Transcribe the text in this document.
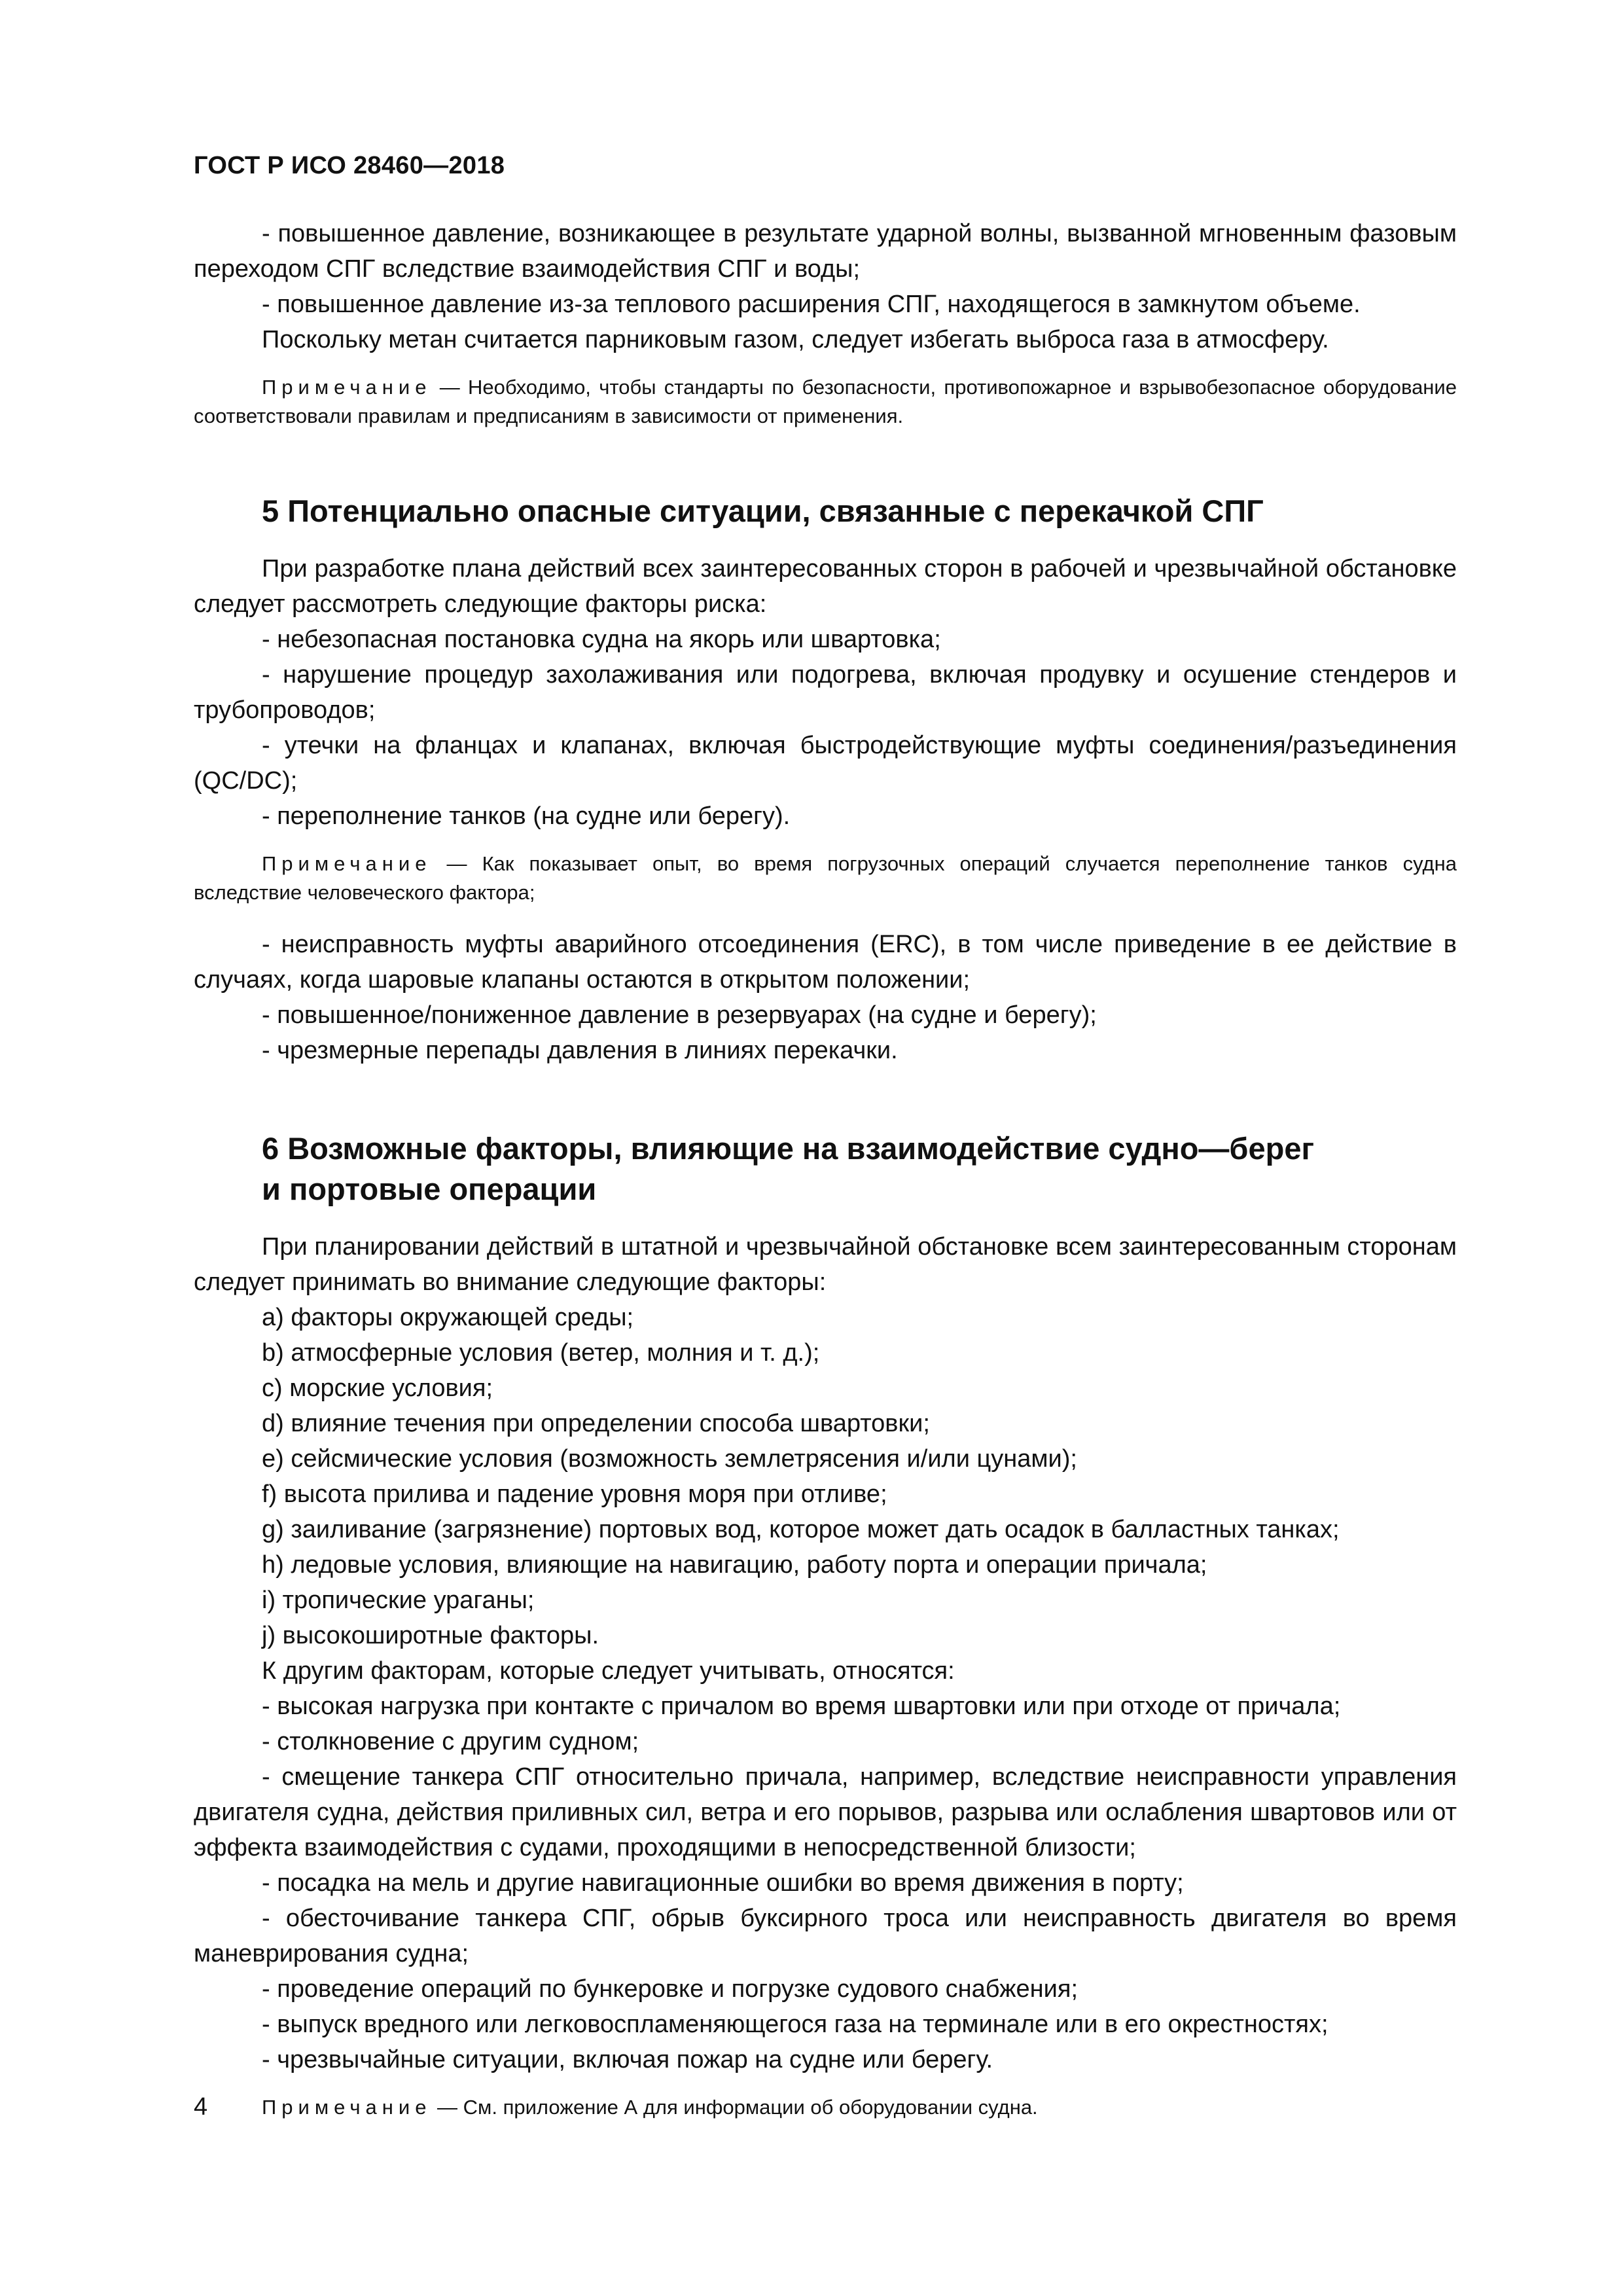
ГОСТ Р ИСО 28460—2018

- повышенное давление, возникающее в результате ударной волны, вызванной мгновенным фазовым переходом СПГ вследствие взаимодействия СПГ и воды;

- повышенное давление из-за теплового расширения СПГ, находящегося в замкнутом объеме.

Поскольку метан считается парниковым газом, следует избегать выброса газа в атмосферу.

Примечание — Необходимо, чтобы стандарты по безопасности, противопожарное и взрывобезопасное оборудование соответствовали правилам и предписаниям в зависимости от применения.

5 Потенциально опасные ситуации, связанные с перекачкой СПГ

При разработке плана действий всех заинтересованных сторон в рабочей и чрезвычайной обстановке следует рассмотреть следующие факторы риска:

- небезопасная постановка судна на якорь или швартовка;

- нарушение процедур захолаживания или подогрева, включая продувку и осушение стендеров и трубопроводов;

- утечки на фланцах и клапанах, включая быстродействующие муфты соединения/разъединения (QC/DC);

- переполнение танков (на судне или берегу).

Примечание — Как показывает опыт, во время погрузочных операций случается переполнение танков судна вследствие человеческого фактора;

- неисправность муфты аварийного отсоединения (ERC), в том числе приведение в ее действие в случаях, когда шаровые клапаны остаются в открытом положении;

- повышенное/пониженное давление в резервуарах (на судне и берегу);

- чрезмерные перепады давления в линиях перекачки.

6 Возможные факторы, влияющие на взаимодействие судно—берег
и портовые операции

При планировании действий в штатной и чрезвычайной обстановке всем заинтересованным сторонам следует принимать во внимание следующие факторы:

a) факторы окружающей среды;

b) атмосферные условия (ветер, молния и т. д.);

c) морские условия;

d) влияние течения при определении способа швартовки;

e) сейсмические условия (возможность землетрясения и/или цунами);

f) высота прилива и падение уровня моря при отливе;

g) заиливание (загрязнение) портовых вод, которое может дать осадок в балластных танках;

h) ледовые условия, влияющие на навигацию, работу порта и операции причала;

i) тропические ураганы;

j) высокоширотные факторы.

К другим факторам, которые следует учитывать, относятся:

- высокая нагрузка при контакте с причалом во время швартовки или при отходе от причала;

- столкновение с другим судном;

- смещение танкера СПГ относительно причала, например, вследствие неисправности управления двигателя судна, действия приливных сил, ветра и его порывов, разрыва или ослабления швартовов или от эффекта взаимодействия с судами, проходящими в непосредственной близости;

- посадка на мель и другие навигационные ошибки во время движения в порту;

- обесточивание танкера СПГ, обрыв буксирного троса или неисправность двигателя во время маневрирования судна;

- проведение операций по бункеровке и погрузке судового снабжения;

- выпуск вредного или легковоспламеняющегося газа на терминале или в его окрестностях;

- чрезвычайные ситуации, включая пожар на судне или берегу.

Примечание — См. приложение А для информации об оборудовании судна.

4
